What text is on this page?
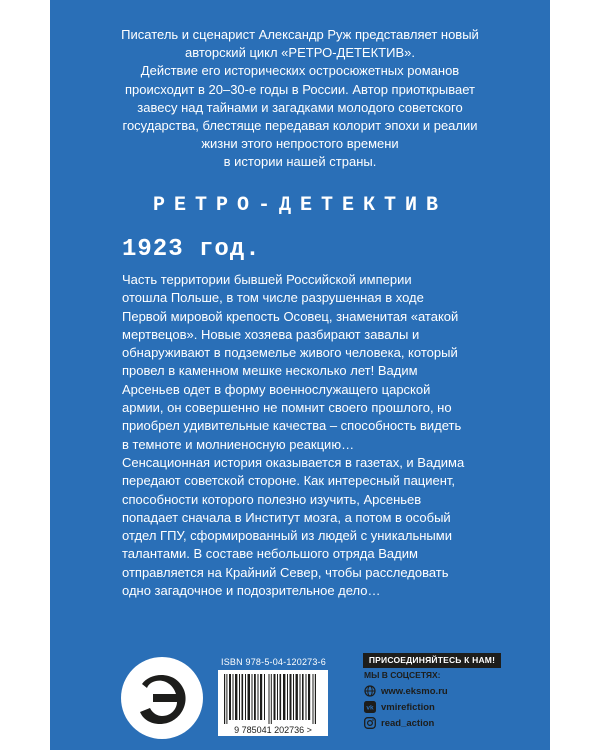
Писатель и сценарист Александр Руж представляет новый
авторский цикл «РЕТРО-ДЕТЕКТИВ».
Действие его исторических остросюжетных романов
происходит в 20–30-е годы в России. Автор приоткрывает
завесу над тайнами и загадками молодого советского
государства, блестяще передавая колорит эпохи и реалии
жизни этого непростого времени
в истории нашей страны.

РЕТРО-ДЕТЕКТИВ
1923 год.

Часть территории бывшей Российской империи
отошла Польше, в том числе разрушенная в ходе
Первой мировой крепость Осовец, знаменитая «атакой
мертвецов». Новые хозяева разбирают завалы и
обнаруживают в подземелье живого человека, который
провел в каменном мешке несколько лет! Вадим
Арсеньев одет в форму военнослужащего царской
армии, он совершенно не помнит своего прошлого, но
приобрел удивительные качества – способность видеть
в темноте и молниеносную реакцию…
Сенсационная история оказывается в газетах, и Вадима
передают советской стороне. Как интересный пациент,
способности которого полезно изучить, Арсеньев
попадает сначала в Институт мозга, а потом в особый
отдел ГПУ, сформированный из людей с уникальными
талантами. В составе небольшого отряда Вадим
отправляется на Крайний Север, чтобы расследовать
одно загадочное и подозрительное дело…

ISBN 978-5-04-120273-6
9 785041 202736 >
ПРИСОЕДИНЯЙТЕСЬ К НАМ!
МЫ В СОЦСЕТЯХ:
www.eksmo.ru
vk vmirefiction
read_action
